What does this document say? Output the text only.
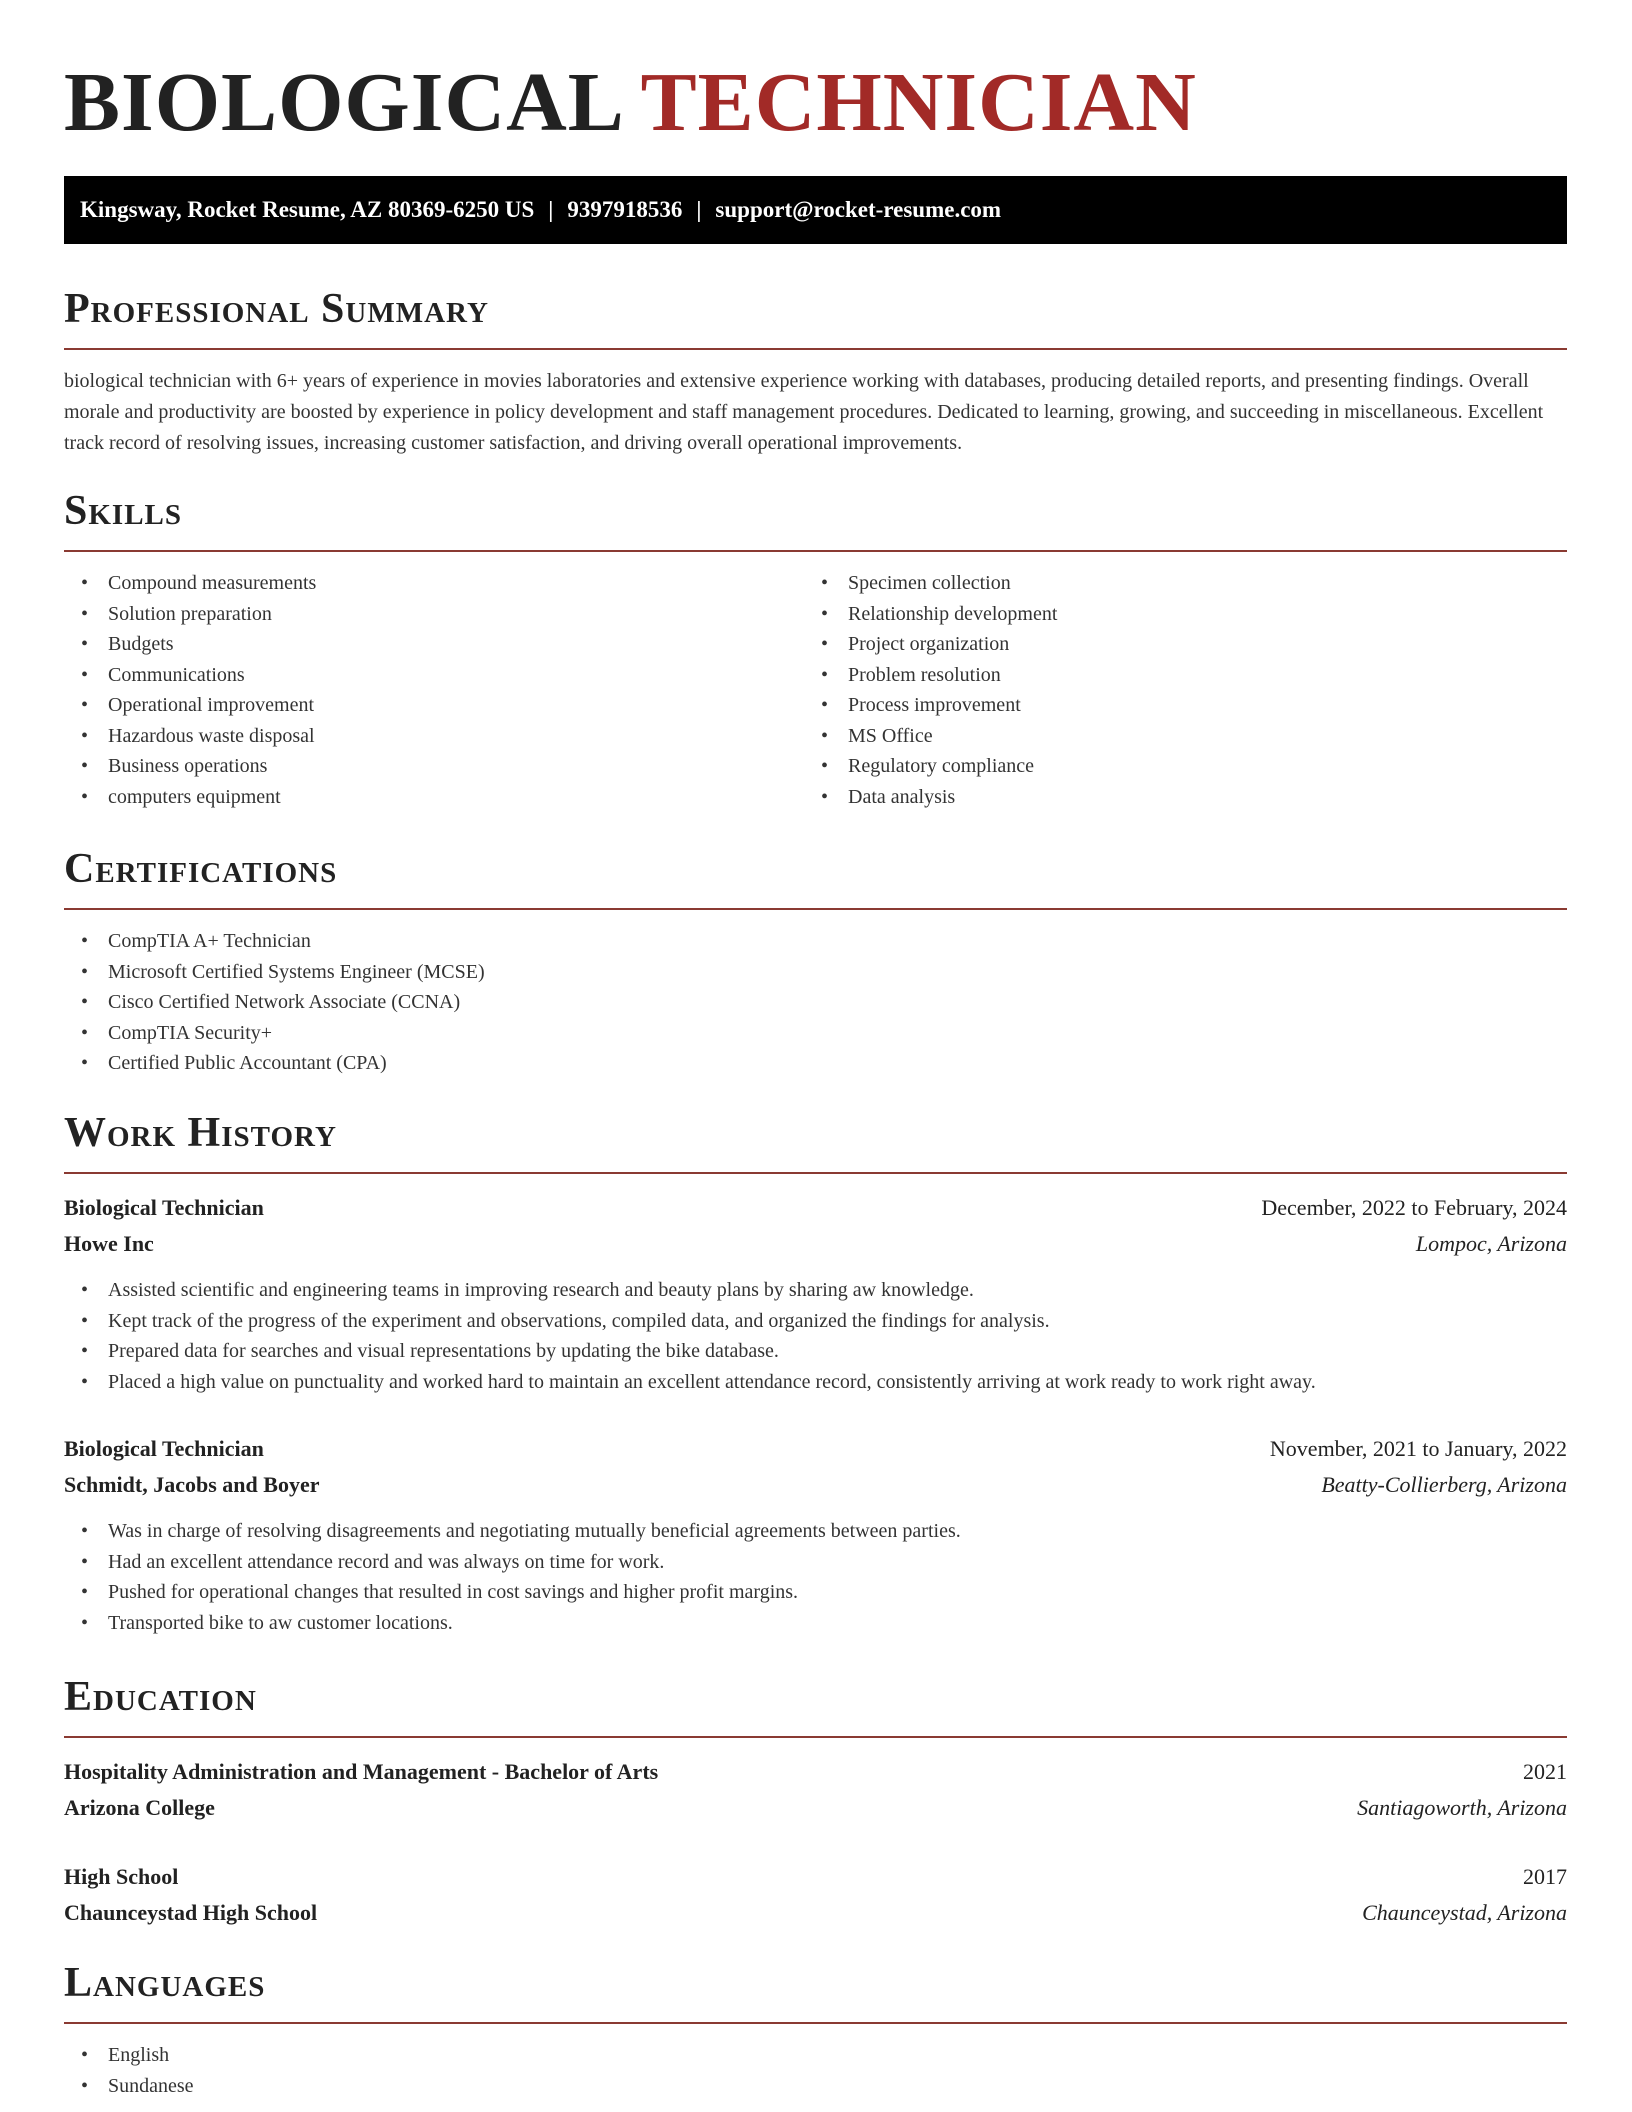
BIOLOGICAL TECHNICIAN
Kingsway, Rocket Resume, AZ 80369-6250 US | 9397918536 | support@rocket-resume.com
Professional Summary

biological technician with 6+ years of experience in movies laboratories and extensive experience working with databases, producing detailed reports, and presenting findings. Overall morale and productivity are boosted by experience in policy development and staff management procedures. Dedicated to learning, growing, and succeeding in miscellaneous. Excellent track record of resolving issues, increasing customer satisfaction, and driving overall operational improvements.

Skills
• Compound measurements
• Solution preparation
• Budgets
• Communications
• Operational improvement
• Hazardous waste disposal
• Business operations
• computers equipment
• Specimen collection
• Relationship development
• Project organization
• Problem resolution
• Process improvement
• MS Office
• Regulatory compliance
• Data analysis
Certifications
• CompTIA A+ Technician
• Microsoft Certified Systems Engineer (MCSE)
• Cisco Certified Network Associate (CCNA)
• CompTIA Security+
• Certified Public Accountant (CPA)
Work History
Biological Technician	December, 2022 to February, 2024
Howe Inc	Lompoc, Arizona
• Assisted scientific and engineering teams in improving research and beauty plans by sharing aw knowledge.
• Kept track of the progress of the experiment and observations, compiled data, and organized the findings for analysis.
• Prepared data for searches and visual representations by updating the bike database.
• Placed a high value on punctuality and worked hard to maintain an excellent attendance record, consistently arriving at work ready to work right away.
Biological Technician	November, 2021 to January, 2022
Schmidt, Jacobs and Boyer	Beatty-Collierberg, Arizona
• Was in charge of resolving disagreements and negotiating mutually beneficial agreements between parties.
• Had an excellent attendance record and was always on time for work.
• Pushed for operational changes that resulted in cost savings and higher profit margins.
• Transported bike to aw customer locations.
Education
Hospitality Administration and Management - Bachelor of Arts	2021
Arizona College	Santiagoworth, Arizona
High School	2017
Chaunceystad High School	Chaunceystad, Arizona
Languages
• English
• Sundanese
